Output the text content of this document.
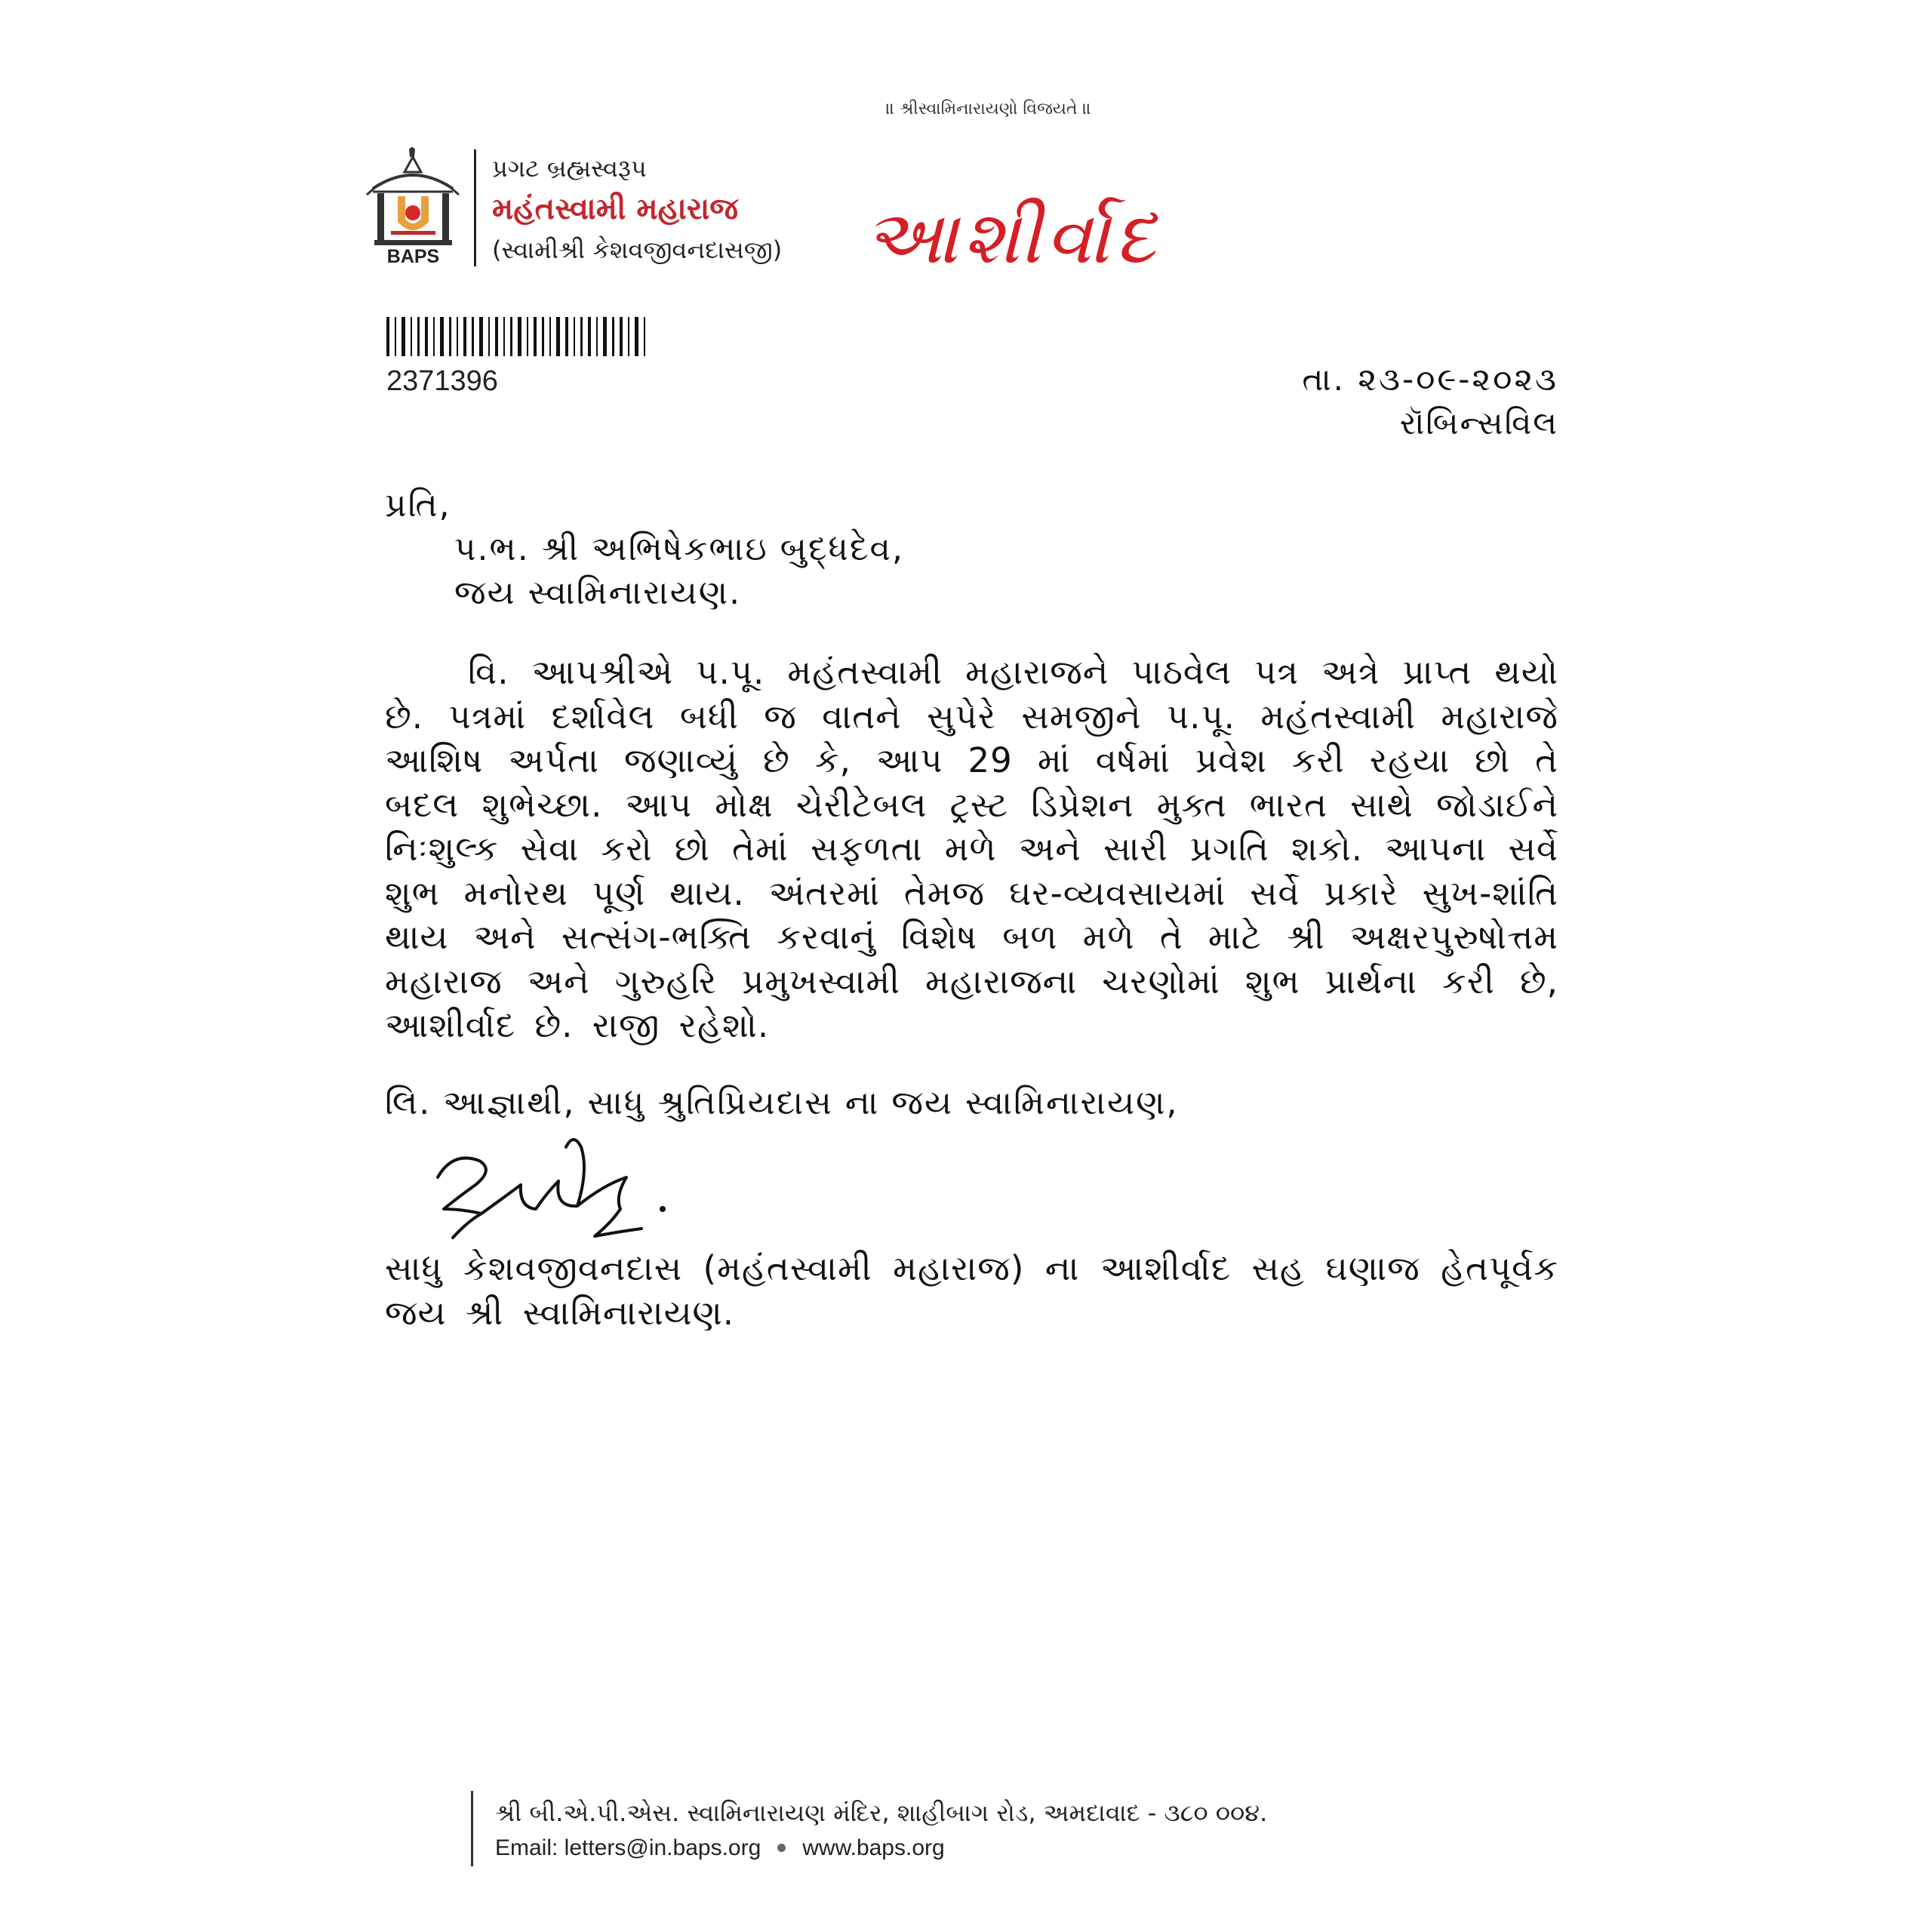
॥ શ્રીસ્વામિનારાયણો વિજયતે ॥
BAPS
પ્રગટ બ્રહ્મસ્વરૂપ
મહંતસ્વામી મહારાજ
(સ્વામીશ્રી કેશવજીવનદાસજી) આશીર્વાદ
2371396	તા. ૨૩-૦૯-૨૦૨૩
રૉબિન્સવિલ
પ્રતિ,
પ.ભ. શ્રી અભિષેકભાઇ બુદ્ધદેવ,
જય સ્વામિનારાયણ.

વિ. આપશ્રીએ પ.પૂ. મહંતસ્વામી મહારાજને પાઠવેલ પત્ર અત્રે પ્રાપ્ત થયો છે. પત્રમાં દર્શાવેલ બધી જ વાતને સુપેરે સમજીને પ.પૂ. મહંતસ્વામી મહારાજે આશિષ અર્પતા જણાવ્યું છે કે, આપ 29 માં વર્ષમાં પ્રવેશ કરી રહયા છો તે બદલ શુભેચ્છા. આપ મોક્ષ ચેરીટેબલ ટ્રસ્ટ ડિપ્રેશન મુક્ત ભારત સાથે જોડાઈને નિઃશુલ્ક સેવા કરો છો તેમાં સફળતા મળે અને સારી પ્રગતિ શકો. આપના સર્વે શુભ મનોરથ પૂર્ણ થાય. અંતરમાં તેમજ ઘર-વ્યવસાયમાં સર્વે પ્રકારે સુખ-શાંતિ થાય અને સત્સંગ-ભક્તિ કરવાનું વિશેષ બળ મળે તે માટે શ્રી અક્ષરપુરુષોત્તમ મહારાજ અને ગુરુહરિ પ્રમુખસ્વામી મહારાજના ચરણોમાં શુભ પ્રાર્થના કરી છે, આશીર્વાદ છે. રાજી રહેશો.

લિ. આજ્ઞાથી, સાધુ શ્રુતિપ્રિયદાસ ના જય સ્વામિનારાયણ,

સાધુ કેશવજીવનદાસ (મહંતસ્વામી મહારાજ) ના આશીર્વાદ સહ ઘણાજ હેતપૂર્વક જય શ્રી સ્વામિનારાયણ.

શ્રી બી.એ.પી.એસ. સ્વામિનારાયણ મંદિર, શાહીબાગ રોડ, અમદાવાદ - ૩૮૦ ૦૦૪.
Email: letters@in.baps.org www.baps.org
